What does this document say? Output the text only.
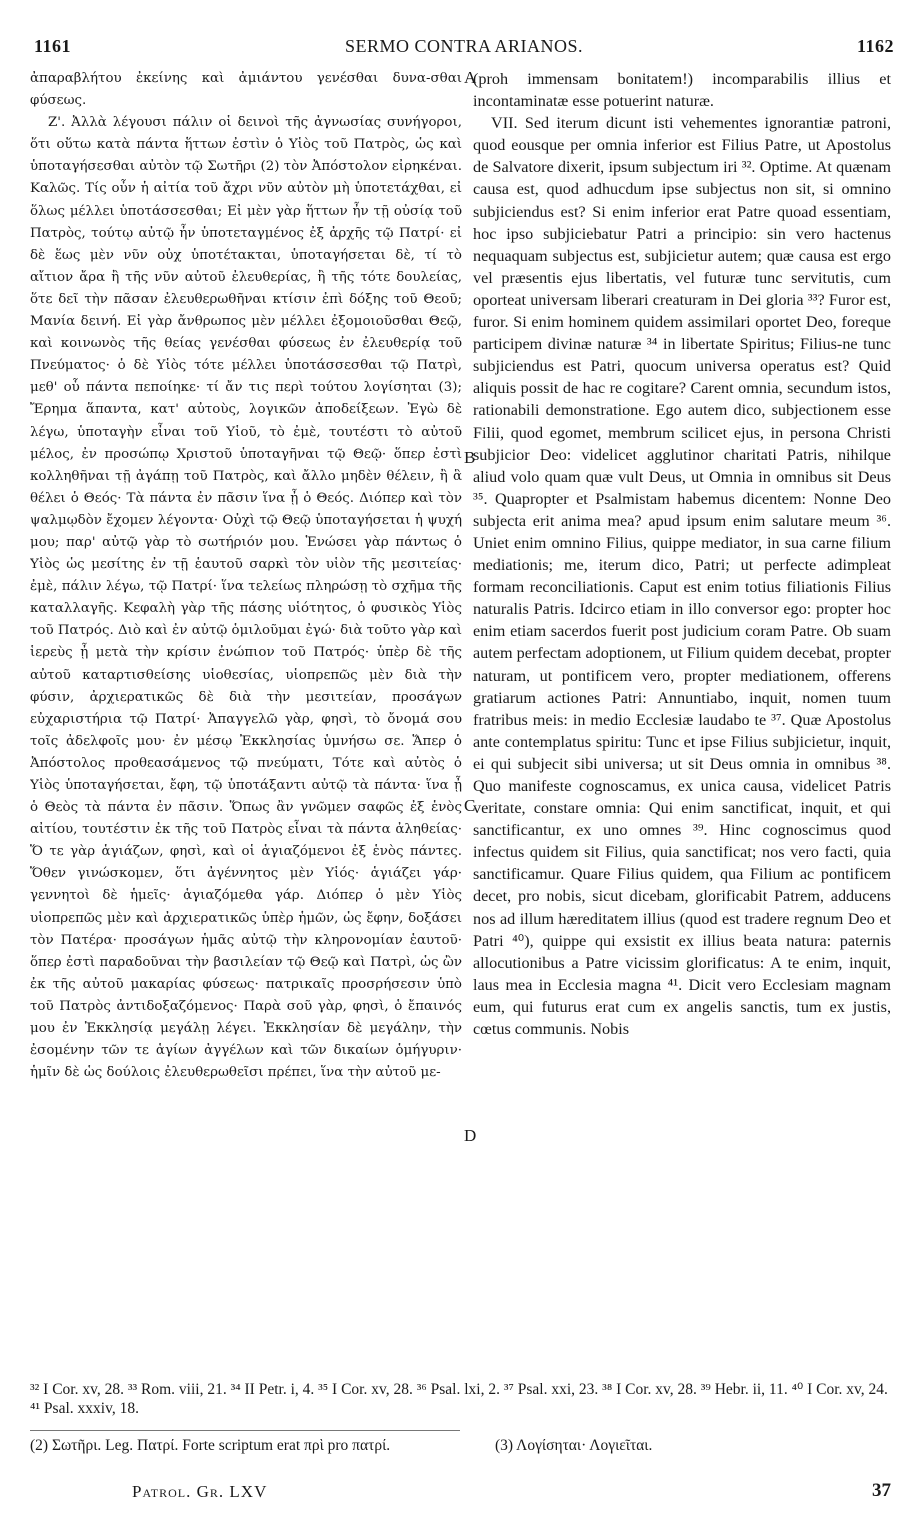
1161	SERMO CONTRA ARIANOS.	1162

ἀπαραβλήτου ἐκείνης καὶ ἀμιάντου γενέσθαι δυνα-σθαι φύσεως.

Ζ'. Ἀλλὰ λέγουσι πάλιν οἱ δεινοὶ τῆς ἀγνωσίας συνήγοροι, ὅτι οὕτω κατὰ πάντα ἥττων ἐστὶν ὁ Υἱὸς τοῦ Πατρὸς, ὡς καὶ ὑποταγήσεσθαι αὐτὸν τῷ Σωτῆρι (2) τὸν Ἀπόστολον εἰρηκέναι. Καλῶς. Τίς οὖν ἡ αἰτία τοῦ ἄχρι νῦν αὐτὸν μὴ ὑποτετάχθαι, εἰ ὅλως μέλλει ὑποτάσσεσθαι; Εἰ μὲν γὰρ ἥττων ἦν τῇ οὐσίᾳ τοῦ Πατρὸς, τούτῳ αὐτῷ ἦν ὑποτεταγμένος ἐξ ἀρχῆς τῷ Πατρί· εἰ δὲ ἕως μὲν νῦν οὐχ ὑποτέτακται, ὑποταγήσεται δὲ, τί τὸ αἴτιον ἄρα ἢ τῆς νῦν αὐτοῦ ἐλευθερίας, ἢ τῆς τότε δουλείας, ὅτε δεῖ τὴν πᾶσαν ἐλευθερωθῆναι κτίσιν ἐπὶ δόξης τοῦ Θεοῦ; Μανία δεινή. Εἰ γὰρ ἄνθρωπος μὲν μέλλει ἐξομοιοῦσθαι Θεῷ, καὶ κοινωνὸς τῆς θείας γενέσθαι φύσεως ἐν ἐλευθερίᾳ τοῦ Πνεύματος· ὁ δὲ Υἱὸς τότε μέλλει ὑποτάσσεσθαι τῷ Πατρὶ, μεθ' οὗ πάντα πεποίηκε· τί ἄν τις περὶ τούτου λογίσηται (3); Ἔρημα ἅπαντα, κατ' αὐτοὺς, λογικῶν ἀποδείξεων. Ἐγὼ δὲ λέγω, ὑποταγὴν εἶναι τοῦ Υἱοῦ, τὸ ἐμὲ, τουτέστι τὸ αὐτοῦ μέλος, ἐν προσώπῳ Χριστοῦ ὑποταγῆναι τῷ Θεῷ· ὅπερ ἐστὶ κολληθῆναι τῇ ἀγάπῃ τοῦ Πατρὸς, καὶ ἄλλο μηδὲν θέλειν, ἢ ἃ θέλει ὁ Θεός· Τὰ πάντα ἐν πᾶσιν ἵνα ᾖ ὁ Θεός. Διόπερ καὶ τὸν ψαλμῳδὸν ἔχομεν λέγοντα· Οὐχὶ τῷ Θεῷ ὑποταγήσεται ἡ ψυχή μου; παρ' αὐτῷ γὰρ τὸ σωτήριόν μου. Ἑνώσει γὰρ πάντως ὁ Υἱὸς ὡς μεσίτης ἐν τῇ ἑαυτοῦ σαρκὶ τὸν υἱὸν τῆς μεσιτείας· ἐμὲ, πάλιν λέγω, τῷ Πατρί· ἵνα τελείως πληρώσῃ τὸ σχῆμα τῆς καταλλαγῆς. Κεφαλὴ γὰρ τῆς πάσης υἱότητος, ὁ φυσικὸς Υἱὸς τοῦ Πατρός. Διὸ καὶ ἐν αὐτῷ ὁμιλοῦμαι ἐγώ· διὰ τοῦτο γὰρ καὶ ἱερεὺς ᾖ μετὰ τὴν κρίσιν ἐνώπιον τοῦ Πατρός· ὑπὲρ δὲ τῆς αὐτοῦ καταρτισθείσης υἱοθεσίας, υἱοπρεπῶς μὲν διὰ τὴν φύσιν, ἀρχιερατικῶς δὲ διὰ τὴν μεσιτείαν, προσάγων εὐχαριστήρια τῷ Πατρί· Ἀπαγγελῶ γὰρ, φησὶ, τὸ ὄνομά σου τοῖς ἀδελφοῖς μου· ἐν μέσῳ Ἐκκλησίας ὑμνήσω σε. Ἅπερ ὁ Ἀπόστολος προθεασάμενος τῷ πνεύματι, Τότε καὶ αὐτὸς ὁ Υἱὸς ὑποταγήσεται, ἔφη, τῷ ὑποτάξαντι αὐτῷ τὰ πάντα· ἵνα ᾖ ὁ Θεὸς τὰ πάντα ἐν πᾶσιν. Ὅπως ἂν γνῶμεν σαφῶς ἐξ ἑνὸς αἰτίου, τουτέστιν ἐκ τῆς τοῦ Πατρὸς εἶναι τὰ πάντα ἀληθείας· Ὅ τε γὰρ ἁγιάζων, φησὶ, καὶ οἱ ἁγιαζόμενοι ἐξ ἑνὸς πάντες. Ὅθεν γινώσκομεν, ὅτι ἀγέννητος μὲν Υἱός· ἁγιάζει γάρ· γεννητοὶ δὲ ἡμεῖς· ἁγιαζόμεθα γάρ. Διόπερ ὁ μὲν Υἱὸς υἱοπρεπῶς μὲν καὶ ἀρχιερατικῶς ὑπὲρ ἡμῶν, ὡς ἔφην, δοξάσει τὸν Πατέρα· προσάγων ἡμᾶς αὐτῷ τὴν κληρονομίαν ἑαυτοῦ· ὅπερ ἐστὶ παραδοῦναι τὴν βασιλείαν τῷ Θεῷ καὶ Πατρὶ, ὡς ὢν ἐκ τῆς αὐτοῦ μακαρίας φύσεως· πατρικαῖς προσρήσεσιν ὑπὸ τοῦ Πατρὸς ἀντιδοξαζόμενος· Παρὰ σοῦ γὰρ, φησὶ, ὁ ἔπαινός μου ἐν Ἐκκλησίᾳ μεγάλῃ λέγει. Ἐκκλησίαν δὲ μεγάλην, τὴν ἐσομένην τῶν τε ἁγίων ἀγγέλων καὶ τῶν δικαίων ὁμήγυριν· ἡμῖν δὲ ὡς δούλοις ἐλευθερωθεῖσι πρέπει, ἵνα τὴν αὐτοῦ με-

A
B
C
D

(proh immensam bonitatem!) incomparabilis illius et incontaminatæ esse potuerint naturæ.

VII. Sed iterum dicunt isti vehementes ignorantiæ patroni, quod eousque per omnia inferior est Filius Patre, ut Apostolus de Salvatore dixerit, ipsum subjectum iri ³². Optime. At quænam causa est, quod adhucdum ipse subjectus non sit, si omnino subjiciendus est? Si enim inferior erat Patre quoad essentiam, hoc ipso subjiciebatur Patri a principio: sin vero hactenus nequaquam subjectus est, subjicietur autem; quæ causa est ergo vel præsentis ejus libertatis, vel futuræ tunc servitutis, cum oporteat universam liberari creaturam in Dei gloria ³³? Furor est, furor. Si enim hominem quidem assimilari oportet Deo, foreque participem divinæ naturæ ³⁴ in libertate Spiritus; Filius-ne tunc subjiciendus est Patri, quocum universa operatus est? Quid aliquis possit de hac re cogitare? Carent omnia, secundum istos, rationabili demonstratione. Ego autem dico, subjectionem esse Filii, quod egomet, membrum scilicet ejus, in persona Christi subjicior Deo: videlicet agglutinor charitati Patris, nihilque aliud volo quam quæ vult Deus, ut Omnia in omnibus sit Deus ³⁵. Quapropter et Psalmistam habemus dicentem: Nonne Deo subjecta erit anima mea? apud ipsum enim salutare meum ³⁶. Uniet enim omnino Filius, quippe mediator, in sua carne filium mediationis; me, iterum dico, Patri; ut perfecte adimpleat formam reconciliationis. Caput est enim totius filiationis Filius naturalis Patris. Idcirco etiam in illo conversor ego: propter hoc enim etiam sacerdos fuerit post judicium coram Patre. Ob suam autem perfectam adoptionem, ut Filium quidem decebat, propter naturam, ut pontificem vero, propter mediationem, offerens gratiarum actiones Patri: Annuntiabo, inquit, nomen tuum fratribus meis: in medio Ecclesiæ laudabo te ³⁷. Quæ Apostolus ante contemplatus spiritu: Tunc et ipse Filius subjicietur, inquit, ei qui subjecit sibi universa; ut sit Deus omnia in omnibus ³⁸. Quo manifeste cognoscamus, ex unica causa, videlicet Patris veritate, constare omnia: Qui enim sanctificat, inquit, et qui sanctificantur, ex uno omnes ³⁹. Hinc cognoscimus quod infectus quidem sit Filius, quia sanctificat; nos vero facti, quia sanctificamur. Quare Filius quidem, qua Filium ac pontificem decet, pro nobis, sicut dicebam, glorificabit Patrem, adducens nos ad illum hæreditatem illius (quod est tradere regnum Deo et Patri ⁴⁰), quippe qui exsistit ex illius beata natura: paternis allocutionibus a Patre vicissim glorificatus: A te enim, inquit, laus mea in Ecclesia magna ⁴¹. Dicit vero Ecclesiam magnam eum, qui futurus erat cum ex angelis sanctis, tum ex justis, cœtus communis. Nobis

³² I Cor. xv, 28. ³³ Rom. viii, 21. ³⁴ II Petr. i, 4. ³⁵ I Cor. xv, 28. ³⁶ Psal. lxi, 2. ³⁷ Psal. xxi, 23. ³⁸ I Cor. xv, 28. ³⁹ Hebr. ii, 11. ⁴⁰ I Cor. xv, 24. ⁴¹ Psal. xxxiv, 18.
(2) Σωτῆρι. Leg. Πατρί. Forte scriptum erat πρὶ pro πατρί.	(3) Λογίσηται· Λογιεῖται.
Patrol. Gr. LXV	37
